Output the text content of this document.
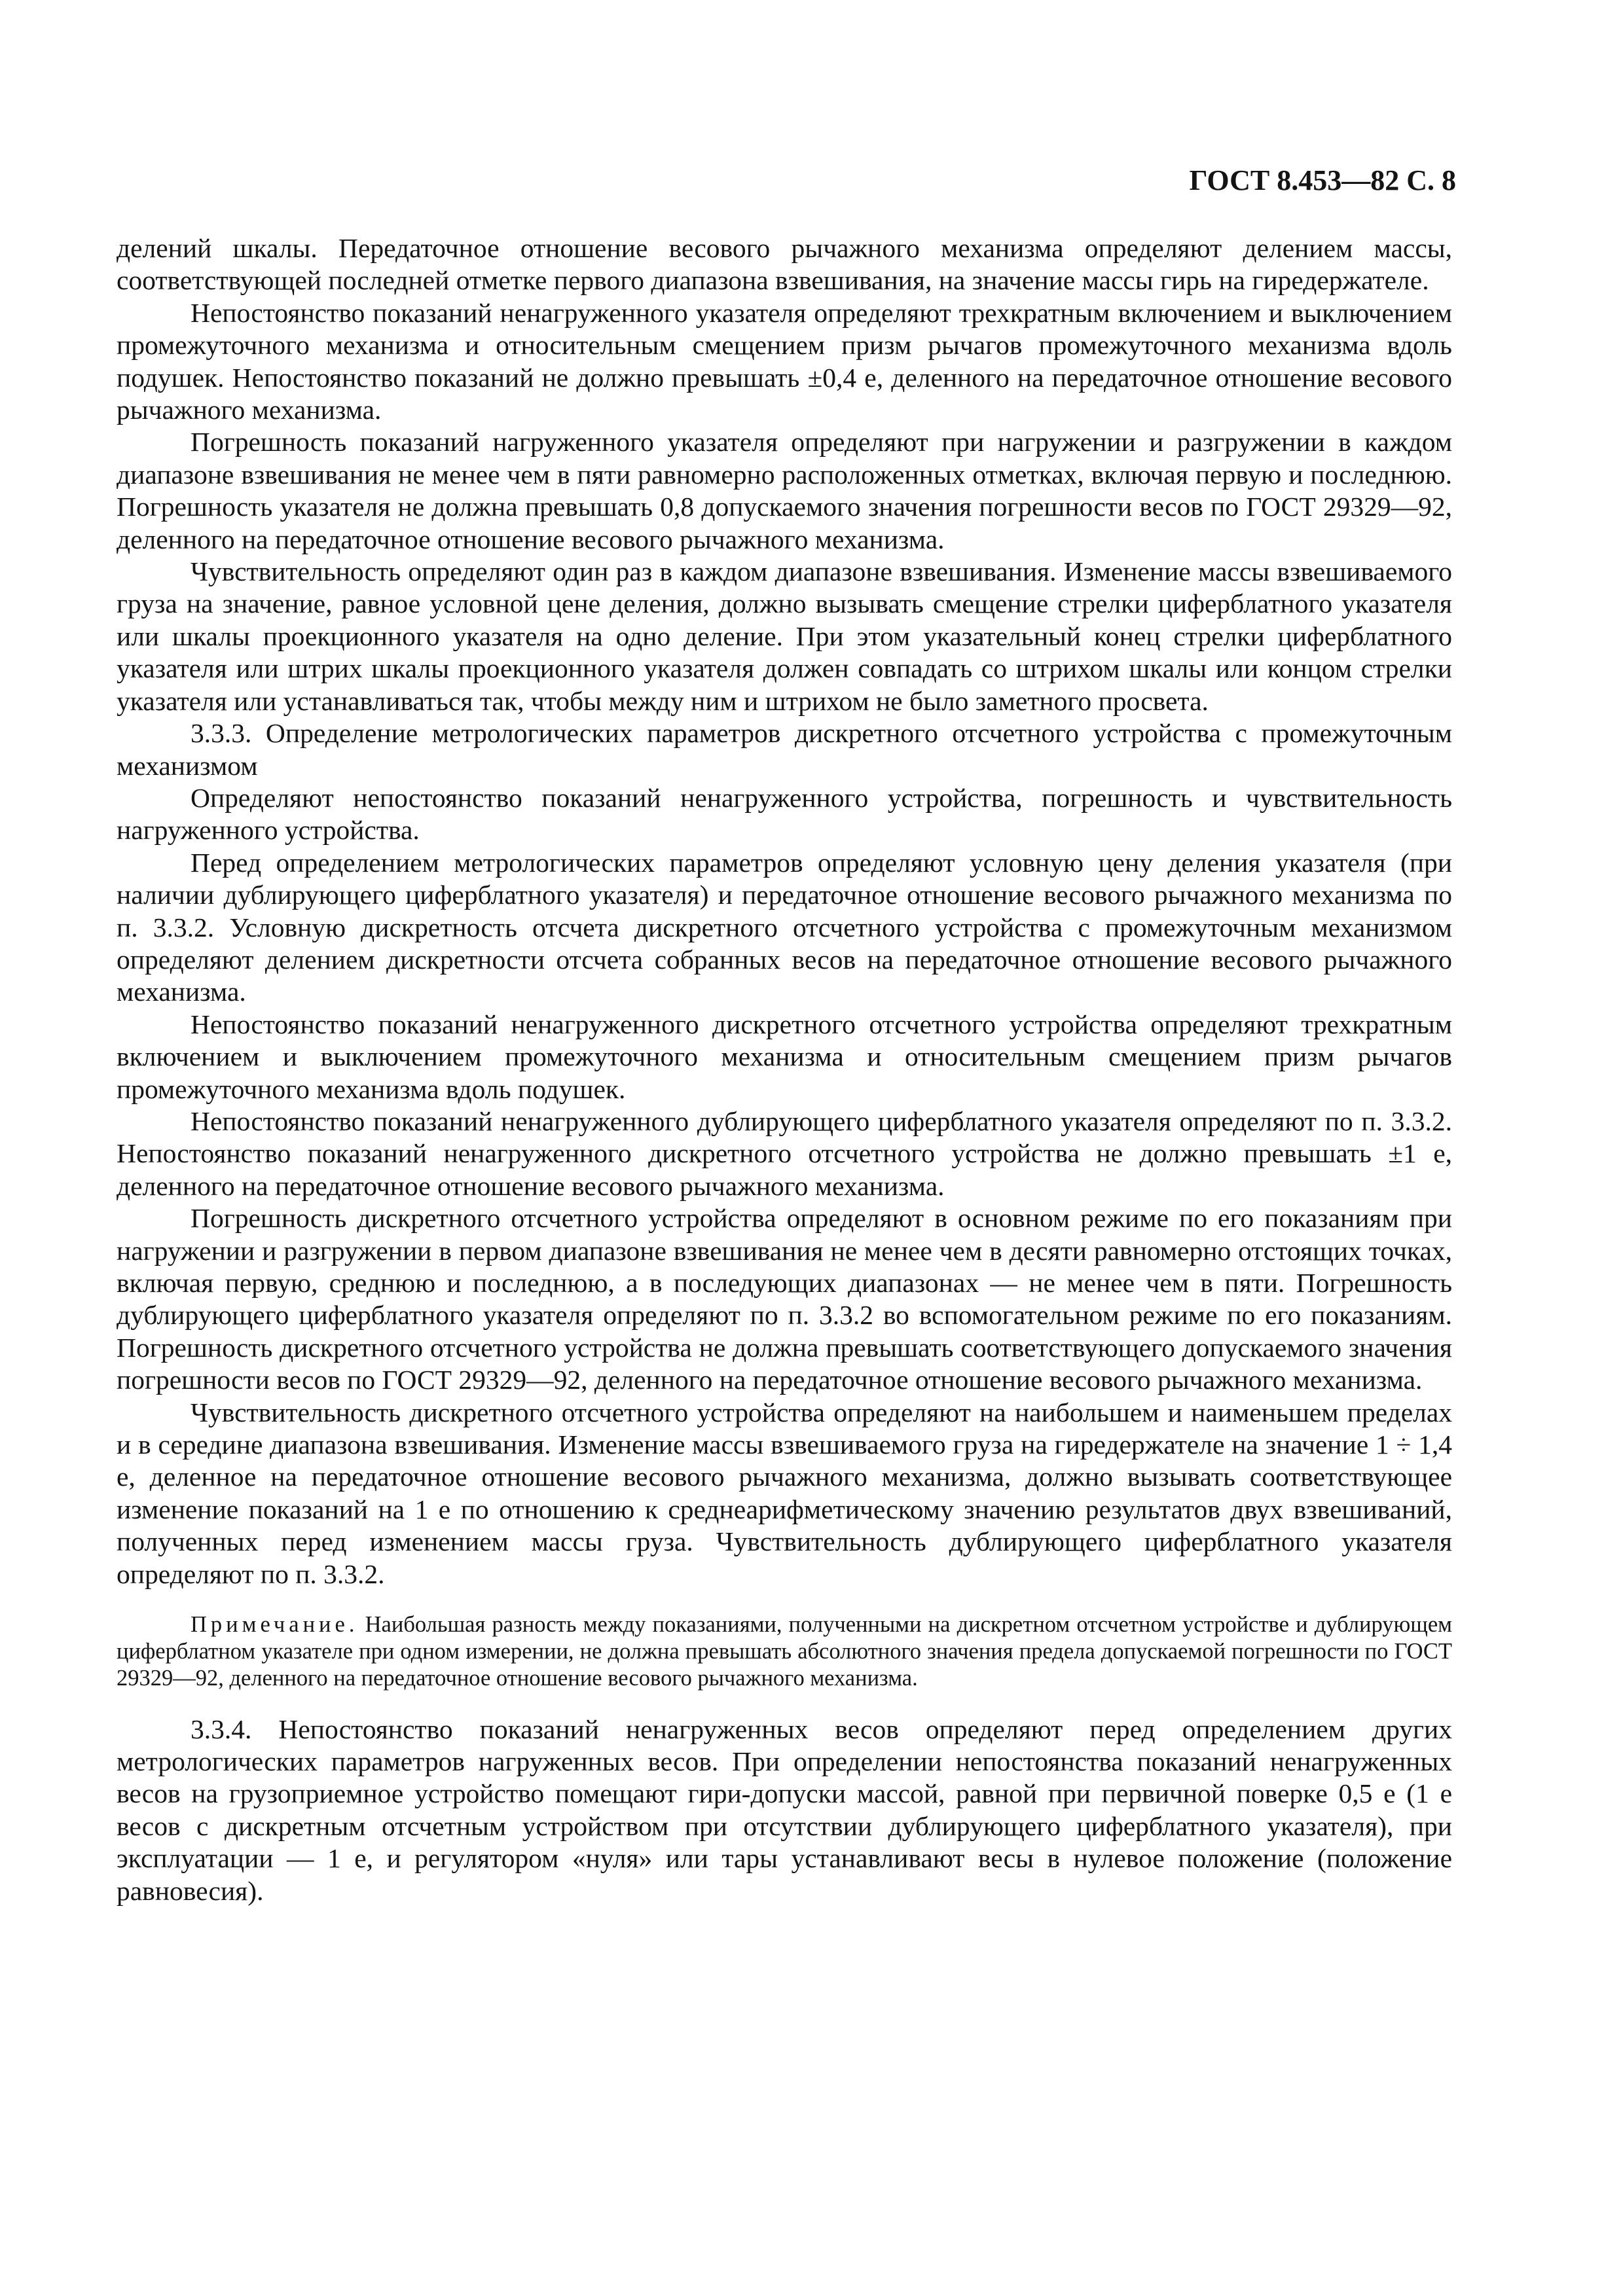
ГОСТ 8.453—82 С. 8

делений шкалы. Передаточное отношение весового рычажного механизма определяют делением массы, соответствующей последней отметке первого диапазона взвешивания, на значение массы гирь на гиредержателе.

Непостоянство показаний ненагруженного указателя определяют трехкратным включением и выключением промежуточного механизма и относительным смещением призм рычагов промежуточного механизма вдоль подушек. Непостоянство показаний не должно превышать ±0,4 е, деленного на передаточное отношение весового рычажного механизма.

Погрешность показаний нагруженного указателя определяют при нагружении и разгружении в каждом диапазоне взвешивания не менее чем в пяти равномерно расположенных отметках, включая первую и последнюю. Погрешность указателя не должна превышать 0,8 допускаемого значения погрешности весов по ГОСТ 29329—92, деленного на передаточное отношение весового рычажного механизма.

Чувствительность определяют один раз в каждом диапазоне взвешивания. Изменение массы взвешиваемого груза на значение, равное условной цене деления, должно вызывать смещение стрелки циферблатного указателя или шкалы проекционного указателя на одно деление. При этом указательный конец стрелки циферблатного указателя или штрих шкалы проекционного указателя должен совпадать со штрихом шкалы или концом стрелки указателя или устанавливаться так, чтобы между ним и штрихом не было заметного просвета.

3.3.3. Определение метрологических параметров дискретного отсчетного устройства с промежуточным механизмом

Определяют непостоянство показаний ненагруженного устройства, погрешность и чувствительность нагруженного устройства.

Перед определением метрологических параметров определяют условную цену деления указателя (при наличии дублирующего циферблатного указателя) и передаточное отношение весового рычажного механизма по п. 3.3.2. Условную дискретность отсчета дискретного отсчетного устройства с промежуточным механизмом определяют делением дискретности отсчета собранных весов на передаточное отношение весового рычажного механизма.

Непостоянство показаний ненагруженного дискретного отсчетного устройства определяют трехкратным включением и выключением промежуточного механизма и относительным смещением призм рычагов промежуточного механизма вдоль подушек.

Непостоянство показаний ненагруженного дублирующего циферблатного указателя определяют по п. 3.3.2. Непостоянство показаний ненагруженного дискретного отсчетного устройства не должно превышать ±1 е, деленного на передаточное отношение весового рычажного механизма.

Погрешность дискретного отсчетного устройства определяют в основном режиме по его показаниям при нагружении и разгружении в первом диапазоне взвешивания не менее чем в десяти равномерно отстоящих точках, включая первую, среднюю и последнюю, а в последующих диапазонах — не менее чем в пяти. Погрешность дублирующего циферблатного указателя определяют по п. 3.3.2 во вспомогательном режиме по его показаниям. Погрешность дискретного отсчетного устройства не должна превышать соответствующего допускаемого значения погрешности весов по ГОСТ 29329—92, деленного на передаточное отношение весового рычажного механизма.

Чувствительность дискретного отсчетного устройства определяют на наибольшем и наименьшем пределах и в середине диапазона взвешивания. Изменение массы взвешиваемого груза на гиредержателе на значение 1 ÷ 1,4 е, деленное на передаточное отношение весового рычажного механизма, должно вызывать соответствующее изменение показаний на 1 е по отношению к среднеарифметическому значению результатов двух взвешиваний, полученных перед изменением массы груза. Чувствительность дублирующего циферблатного указателя определяют по п. 3.3.2.

Примечание. Наибольшая разность между показаниями, полученными на дискретном отсчетном устройстве и дублирующем циферблатном указателе при одном измерении, не должна превышать абсолютного значения предела допускаемой погрешности по ГОСТ 29329—92, деленного на передаточное отношение весового рычажного механизма.

3.3.4. Непостоянство показаний ненагруженных весов определяют перед определением других метрологических параметров нагруженных весов. При определении непостоянства показаний ненагруженных весов на грузоприемное устройство помещают гири-допуски массой, равной при первичной поверке 0,5 е (1 е весов с дискретным отсчетным устройством при отсутствии дублирующего циферблатного указателя), при эксплуатации — 1 е, и регулятором «нуля» или тары устанавливают весы в нулевое положение (положение равновесия).
